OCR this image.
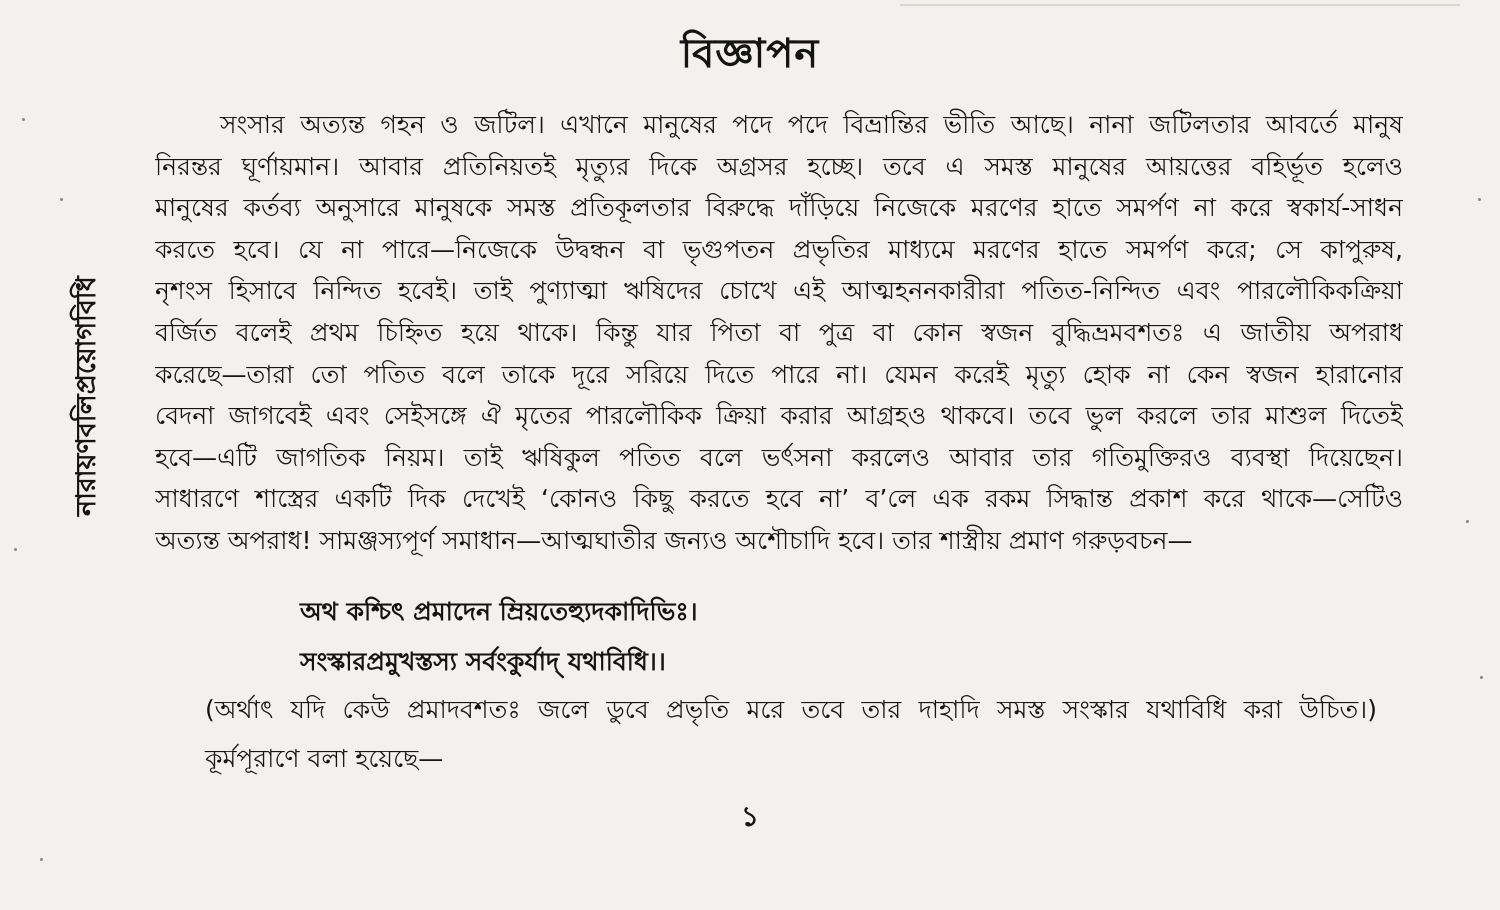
বিজ্ঞাপন
নারায়ণবলিপ্রয়োগবিধি
সংসার অত্যন্ত গহন ও জটিল। এখানে মানুষের পদে পদে বিভ্রান্তির ভীতি আছে। নানা জটিলতার আবর্তে মানুষ
নিরন্তর ঘূর্ণায়মান। আবার প্রতিনিয়তই মৃত্যুর দিকে অগ্রসর হচ্ছে। তবে এ সমস্ত মানুষের আয়ত্তের বহির্ভূত হলেও
মানুষের কর্তব্য অনুসারে মানুষকে সমস্ত প্রতিকূলতার বিরুদ্ধে দাঁড়িয়ে নিজেকে মরণের হাতে সমর্পণ না করে স্বকার্য-সাধন
করতে হবে। যে না পারে—নিজেকে উদ্বন্ধন বা ভৃগুপতন প্রভৃতির মাধ্যমে মরণের হাতে সমর্পণ করে; সে কাপুরুষ,
নৃশংস হিসাবে নিন্দিত হবেই। তাই পুণ্যাত্মা ঋষিদের চোখে এই আত্মহননকারীরা পতিত-নিন্দিত এবং পারলৌকিকক্রিয়া
বর্জিত বলেই প্রথম চিহ্নিত হয়ে থাকে। কিন্তু যার পিতা বা পুত্র বা কোন স্বজন বুদ্ধিভ্রমবশতঃ এ জাতীয় অপরাধ
করেছে—তারা তো পতিত বলে তাকে দূরে সরিয়ে দিতে পারে না। যেমন করেই মৃত্যু হোক না কেন স্বজন হারানোর
বেদনা জাগবেই এবং সেইসঙ্গে ঐ মৃতের পারলৌকিক ক্রিয়া করার আগ্রহও থাকবে। তবে ভুল করলে তার মাশুল দিতেই
হবে—এটি জাগতিক নিয়ম। তাই ঋষিকুল পতিত বলে ভর্ৎসনা করলেও আবার তার গতিমুক্তিরও ব্যবস্থা দিয়েছেন।
সাধারণে শাস্ত্রের একটি দিক দেখেই ‘কোনও কিছু করতে হবে না’ ব’লে এক রকম সিদ্ধান্ত প্রকাশ করে থাকে—সেটিও
অত্যন্ত অপরাধ! সামঞ্জস্যপূর্ণ সমাধান—আত্মঘাতীর জন্যও অশৌচাদি হবে। তার শাস্ত্রীয় প্রমাণ গরুড়বচন—
অথ কশ্চিৎ প্রমাদেন ম্রিয়তেহ্যুদকাদিভিঃ।
সংস্কারপ্রমুখস্তস্য সর্বংকুর্যাদ্ যথাবিধি।।
(অর্থাৎ যদি কেউ প্রমাদবশতঃ জলে ডুবে প্রভৃতি মরে তবে তার দাহাদি সমস্ত সংস্কার যথাবিধি করা উচিত।)
কূর্মপূরাণে বলা হয়েছে—
১
